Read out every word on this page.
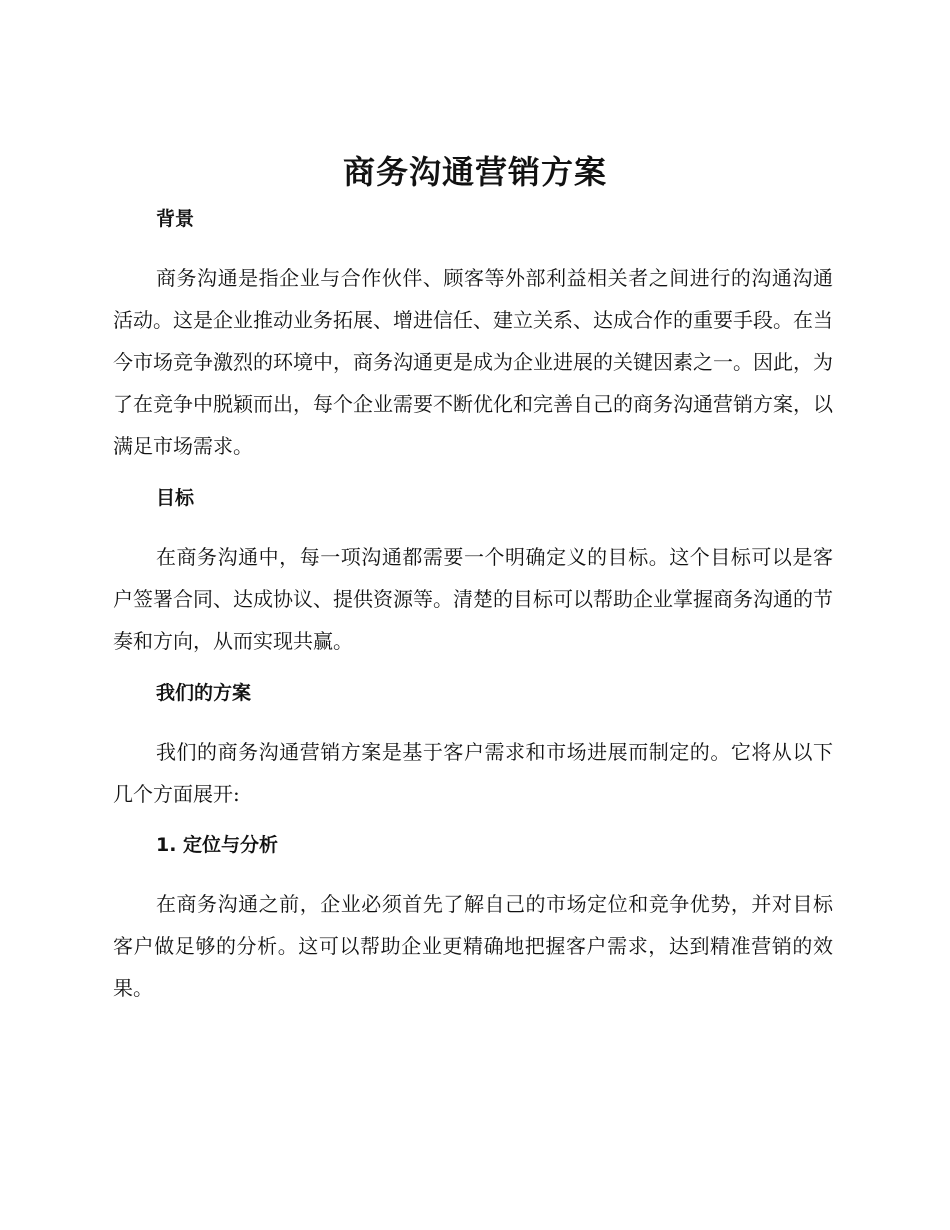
商务沟通营销方案
背景

商务沟通是指企业与合作伙伴、顾客等外部利益相关者之间进行的沟通沟通活动。这是企业推动业务拓展、增进信任、建立关系、达成合作的重要手段。在当今市场竞争激烈的环境中，商务沟通更是成为企业进展的关键因素之一。因此，为了在竞争中脱颖而出，每个企业需要不断优化和完善自己的商务沟通营销方案，以满足市场需求。

目标

在商务沟通中，每一项沟通都需要一个明确定义的目标。这个目标可以是客户签署合同、达成协议、提供资源等。清楚的目标可以帮助企业掌握商务沟通的节奏和方向，从而实现共赢。

我们的方案

我们的商务沟通营销方案是基于客户需求和市场进展而制定的。它将从以下几个方面展开:

1. 定位与分析

在商务沟通之前，企业必须首先了解自己的市场定位和竞争优势，并对目标客户做足够的分析。这可以帮助企业更精确地把握客户需求，达到精准营销的效果。
